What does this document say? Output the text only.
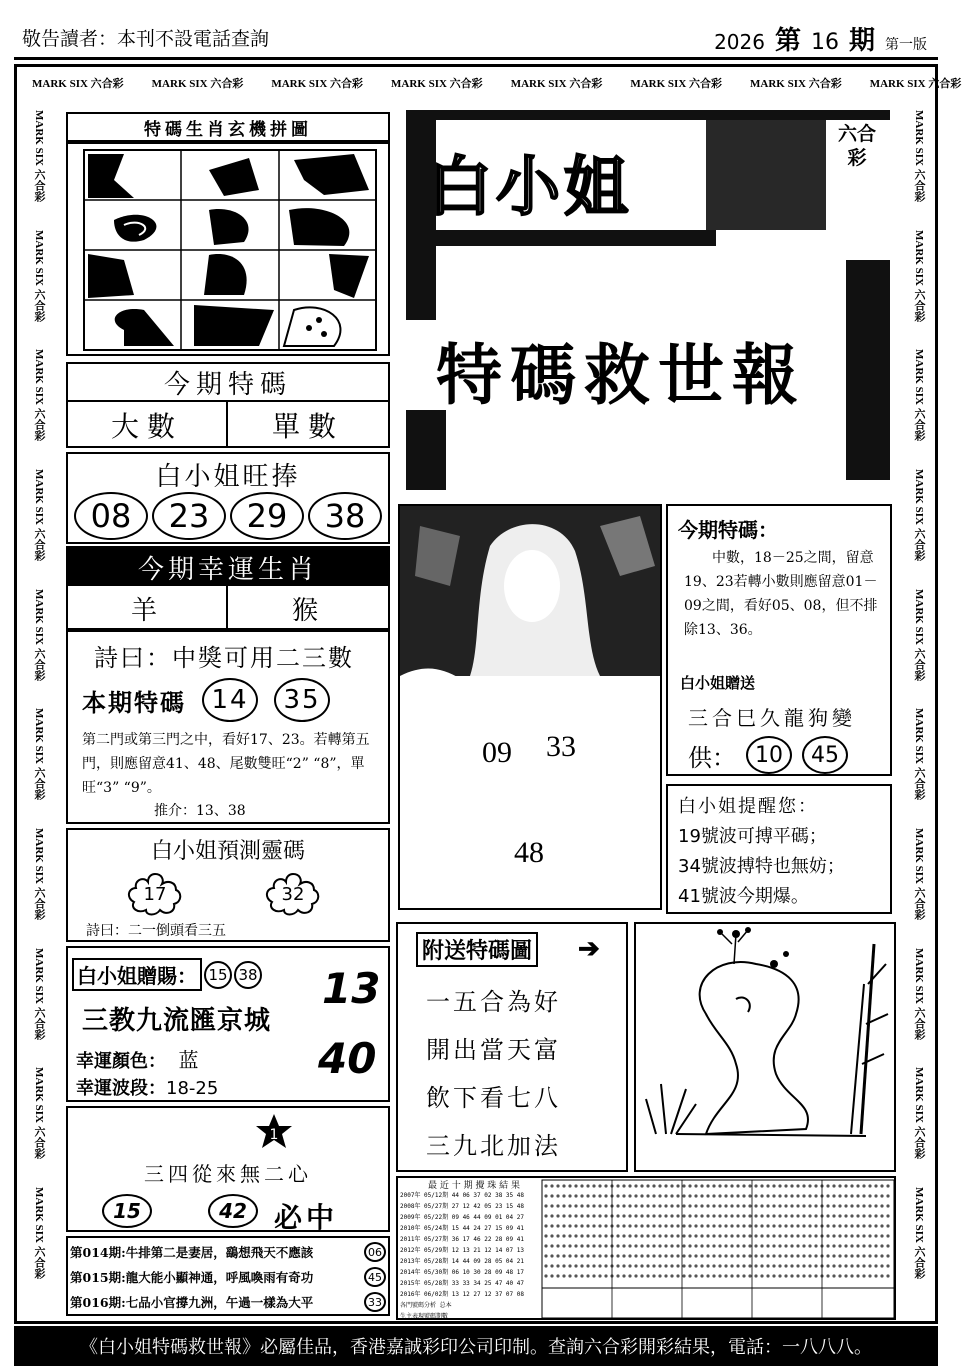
敬告讀者：本刊不設電話查詢	2026 第 16 期 第一版
MARK SIX 六合彩	MARK SIX 六合彩	MARK SIX 六合彩	MARK SIX 六合彩	MARK SIX 六合彩	MARK SIX 六合彩	MARK SIX 六合彩	MARK SIX 六合彩
MARK SIX 六合彩
MARK SIX 六合彩
MARK SIX 六合彩
MARK SIX 六合彩
MARK SIX 六合彩
MARK SIX 六合彩
MARK SIX 六合彩
MARK SIX 六合彩
MARK SIX 六合彩
MARK SIX 六合彩
MARK SIX 六合彩
MARK SIX 六合彩
MARK SIX 六合彩
MARK SIX 六合彩
MARK SIX 六合彩
MARK SIX 六合彩
MARK SIX 六合彩
MARK SIX 六合彩
MARK SIX 六合彩
MARK SIX 六合彩
特碼生肖玄機拼圖
今期特碼
大數	單數
白小姐旺捧
08	23	29	38
今期幸運生肖
羊	猴
詩曰：中獎可用二三數
本期特碼 14	35
第二門或第三門之中，看好17、23。若轉第五門，則應留意41、48、尾數雙旺“2” “8”，單旺“3” “9”。
推介：13、38
白小姐預測靈碼
17	32
詩曰：二一倒頭看三五
白小姐贈賜： 15 38
三教九流匯京城
幸運顏色： 蓝
幸運波段：18-25
13
40
1
三四從來無二心
15	42 必中
第014期:牛排第二是妻居，鷂想飛天不應該	06
第015期:龍大能小顯神通，呼風喚雨有奇功	45
第016期:七品小官撐九洲，午過一樣為大平	33
白小姐
特碼救世報
六合彩
09 33
48
今期特碼：
中數，18－25之間，留意19、23若轉小數則應留意01－09之間，看好05、08，但不排除13、36。
白小姐贈送
三合巳久龍狗變
供： 10	45
白小姐提醒您：
19號波可搏平碼；
34號波搏特也無妨；
41號波今期爆。
附送特碼圖 ➔
一五合為好
開出當天富
飲下看七八
三九北加法
最 近 十 期 攪 珠 結 果
2007年 05/12期 44 06 37 02 38 35 48
2008年 05/27期 27 12 42 05 23 15 48
2009年 05/22期 09 46 44 09 01 04 27
2010年 05/24期 15 44 24 27 15 09 41
2011年 05/27期 36 17 46 22 28 09 41
2012年 05/29期 12 13 21 12 14 07 13
2013年 05/28期 14 44 09 28 05 04 21
2014年 05/30期 06 10 30 28 09 48 17
2015年 05/28期 33 33 34 25 47 40 47
2016年 06/02期 13 12 27 12 37 07 08
各門號碼分析 总本
生主表現號碼期數
《白小姐特碼救世報》必屬佳品，香港嘉誠彩印公司印制。查詢六合彩開彩結果，電話：一八八八。
